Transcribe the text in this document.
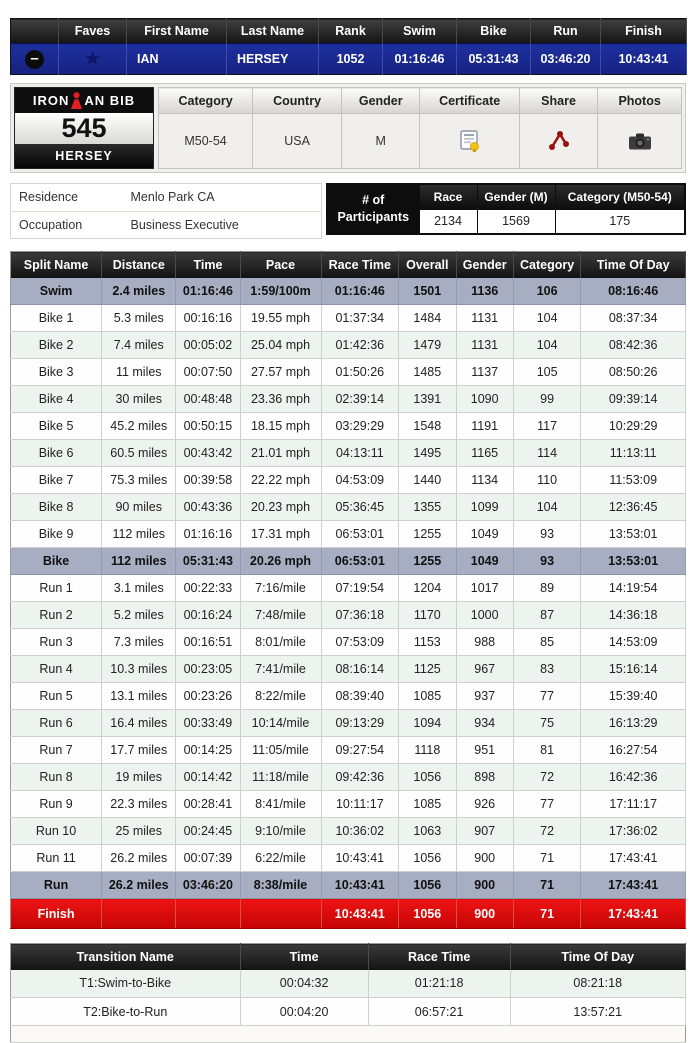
	Faves	First Name	Last Name	Rank	Swim	Bike	Run	Finish
–	★	IAN	HERSEY	1052	01:16:46	05:31:43	03:46:20	10:43:41
IRON AN BIB
545
HERSEY
Category	Country	Gender	Certificate	Share	Photos
M50-54	USA	M			
Residence	Menlo Park CA
Occupation	Business Executive
# of
Participants	Race	Gender (M)	Category (M50-54)
	2134	1569	175
Split Name	Distance	Time	Pace	Race Time	Overall	Gender	Category	Time Of Day
Swim	2.4 miles	01:16:46	1:59/100m	01:16:46	1501	1136	106	08:16:46
Bike 1	5.3 miles	00:16:16	19.55 mph	01:37:34	1484	1131	104	08:37:34
Bike 2	7.4 miles	00:05:02	25.04 mph	01:42:36	1479	1131	104	08:42:36
Bike 3	11 miles	00:07:50	27.57 mph	01:50:26	1485	1137	105	08:50:26
Bike 4	30 miles	00:48:48	23.36 mph	02:39:14	1391	1090	99	09:39:14
Bike 5	45.2 miles	00:50:15	18.15 mph	03:29:29	1548	1191	117	10:29:29
Bike 6	60.5 miles	00:43:42	21.01 mph	04:13:11	1495	1165	114	11:13:11
Bike 7	75.3 miles	00:39:58	22.22 mph	04:53:09	1440	1134	110	11:53:09
Bike 8	90 miles	00:43:36	20.23 mph	05:36:45	1355	1099	104	12:36:45
Bike 9	112 miles	01:16:16	17.31 mph	06:53:01	1255	1049	93	13:53:01
Bike	112 miles	05:31:43	20.26 mph	06:53:01	1255	1049	93	13:53:01
Run 1	3.1 miles	00:22:33	7:16/mile	07:19:54	1204	1017	89	14:19:54
Run 2	5.2 miles	00:16:24	7:48/mile	07:36:18	1170	1000	87	14:36:18
Run 3	7.3 miles	00:16:51	8:01/mile	07:53:09	1153	988	85	14:53:09
Run 4	10.3 miles	00:23:05	7:41/mile	08:16:14	1125	967	83	15:16:14
Run 5	13.1 miles	00:23:26	8:22/mile	08:39:40	1085	937	77	15:39:40
Run 6	16.4 miles	00:33:49	10:14/mile	09:13:29	1094	934	75	16:13:29
Run 7	17.7 miles	00:14:25	11:05/mile	09:27:54	1118	951	81	16:27:54
Run 8	19 miles	00:14:42	11:18/mile	09:42:36	1056	898	72	16:42:36
Run 9	22.3 miles	00:28:41	8:41/mile	10:11:17	1085	926	77	17:11:17
Run 10	25 miles	00:24:45	9:10/mile	10:36:02	1063	907	72	17:36:02
Run 11	26.2 miles	00:07:39	6:22/mile	10:43:41	1056	900	71	17:43:41
Run	26.2 miles	03:46:20	8:38/mile	10:43:41	1056	900	71	17:43:41
Finish				10:43:41	1056	900	71	17:43:41
Transition Name	Time	Race Time	Time Of Day
T1:Swim-to-Bike	00:04:32	01:21:18	08:21:18
T2:Bike-to-Run	00:04:20	06:57:21	13:57:21
